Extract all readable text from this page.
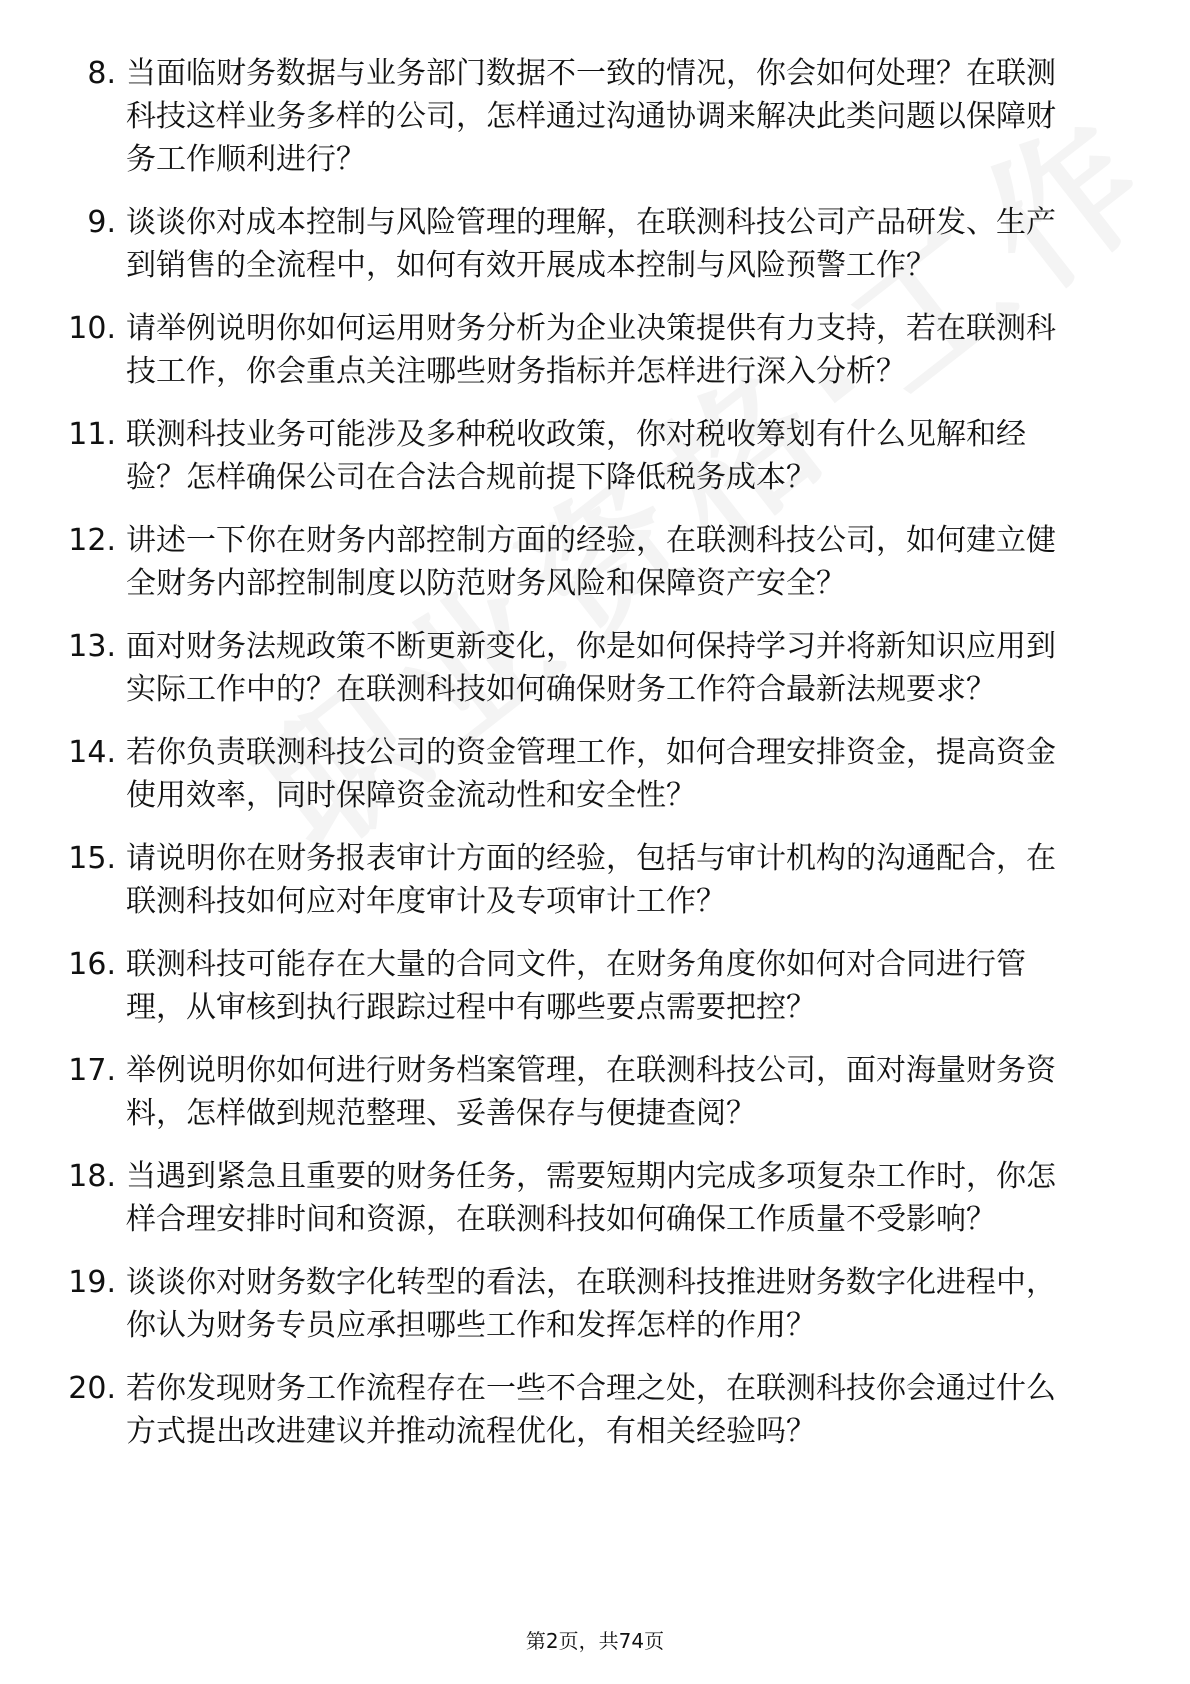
8. 当面临财务数据与业务部门数据不一致的情况，你会如何处理？在联测科技这样业务多样的公司，怎样通过沟通协调来解决此类问题以保障财务工作顺利进行？
9. 谈谈你对成本控制与风险管理的理解，在联测科技公司产品研发、生产到销售的全流程中，如何有效开展成本控制与风险预警工作？
10. 请举例说明你如何运用财务分析为企业决策提供有力支持，若在联测科技工作，你会重点关注哪些财务指标并怎样进行深入分析？
11. 联测科技业务可能涉及多种税收政策，你对税收筹划有什么见解和经验？怎样确保公司在合法合规前提下降低税务成本？
12. 讲述一下你在财务内部控制方面的经验，在联测科技公司，如何建立健全财务内部控制制度以防范财务风险和保障资产安全？
13. 面对财务法规政策不断更新变化，你是如何保持学习并将新知识应用到实际工作中的？在联测科技如何确保财务工作符合最新法规要求？
14. 若你负责联测科技公司的资金管理工作，如何合理安排资金，提高资金使用效率，同时保障资金流动性和安全性？
15. 请说明你在财务报表审计方面的经验，包括与审计机构的沟通配合，在联测科技如何应对年度审计及专项审计工作？
16. 联测科技可能存在大量的合同文件，在财务角度你如何对合同进行管理，从审核到执行跟踪过程中有哪些要点需要把控？
17. 举例说明你如何进行财务档案管理，在联测科技公司，面对海量财务资料，怎样做到规范整理、妥善保存与便捷查阅？
18. 当遇到紧急且重要的财务任务，需要短期内完成多项复杂工作时，你怎样合理安排时间和资源，在联测科技如何确保工作质量不受影响？
19. 谈谈你对财务数字化转型的看法，在联测科技推进财务数字化进程中，你认为财务专员应承担哪些工作和发挥怎样的作用？
20. 若你发现财务工作流程存在一些不合理之处，在联测科技你会通过什么方式提出改进建议并推动流程优化，有相关经验吗？
第2页，共74页
